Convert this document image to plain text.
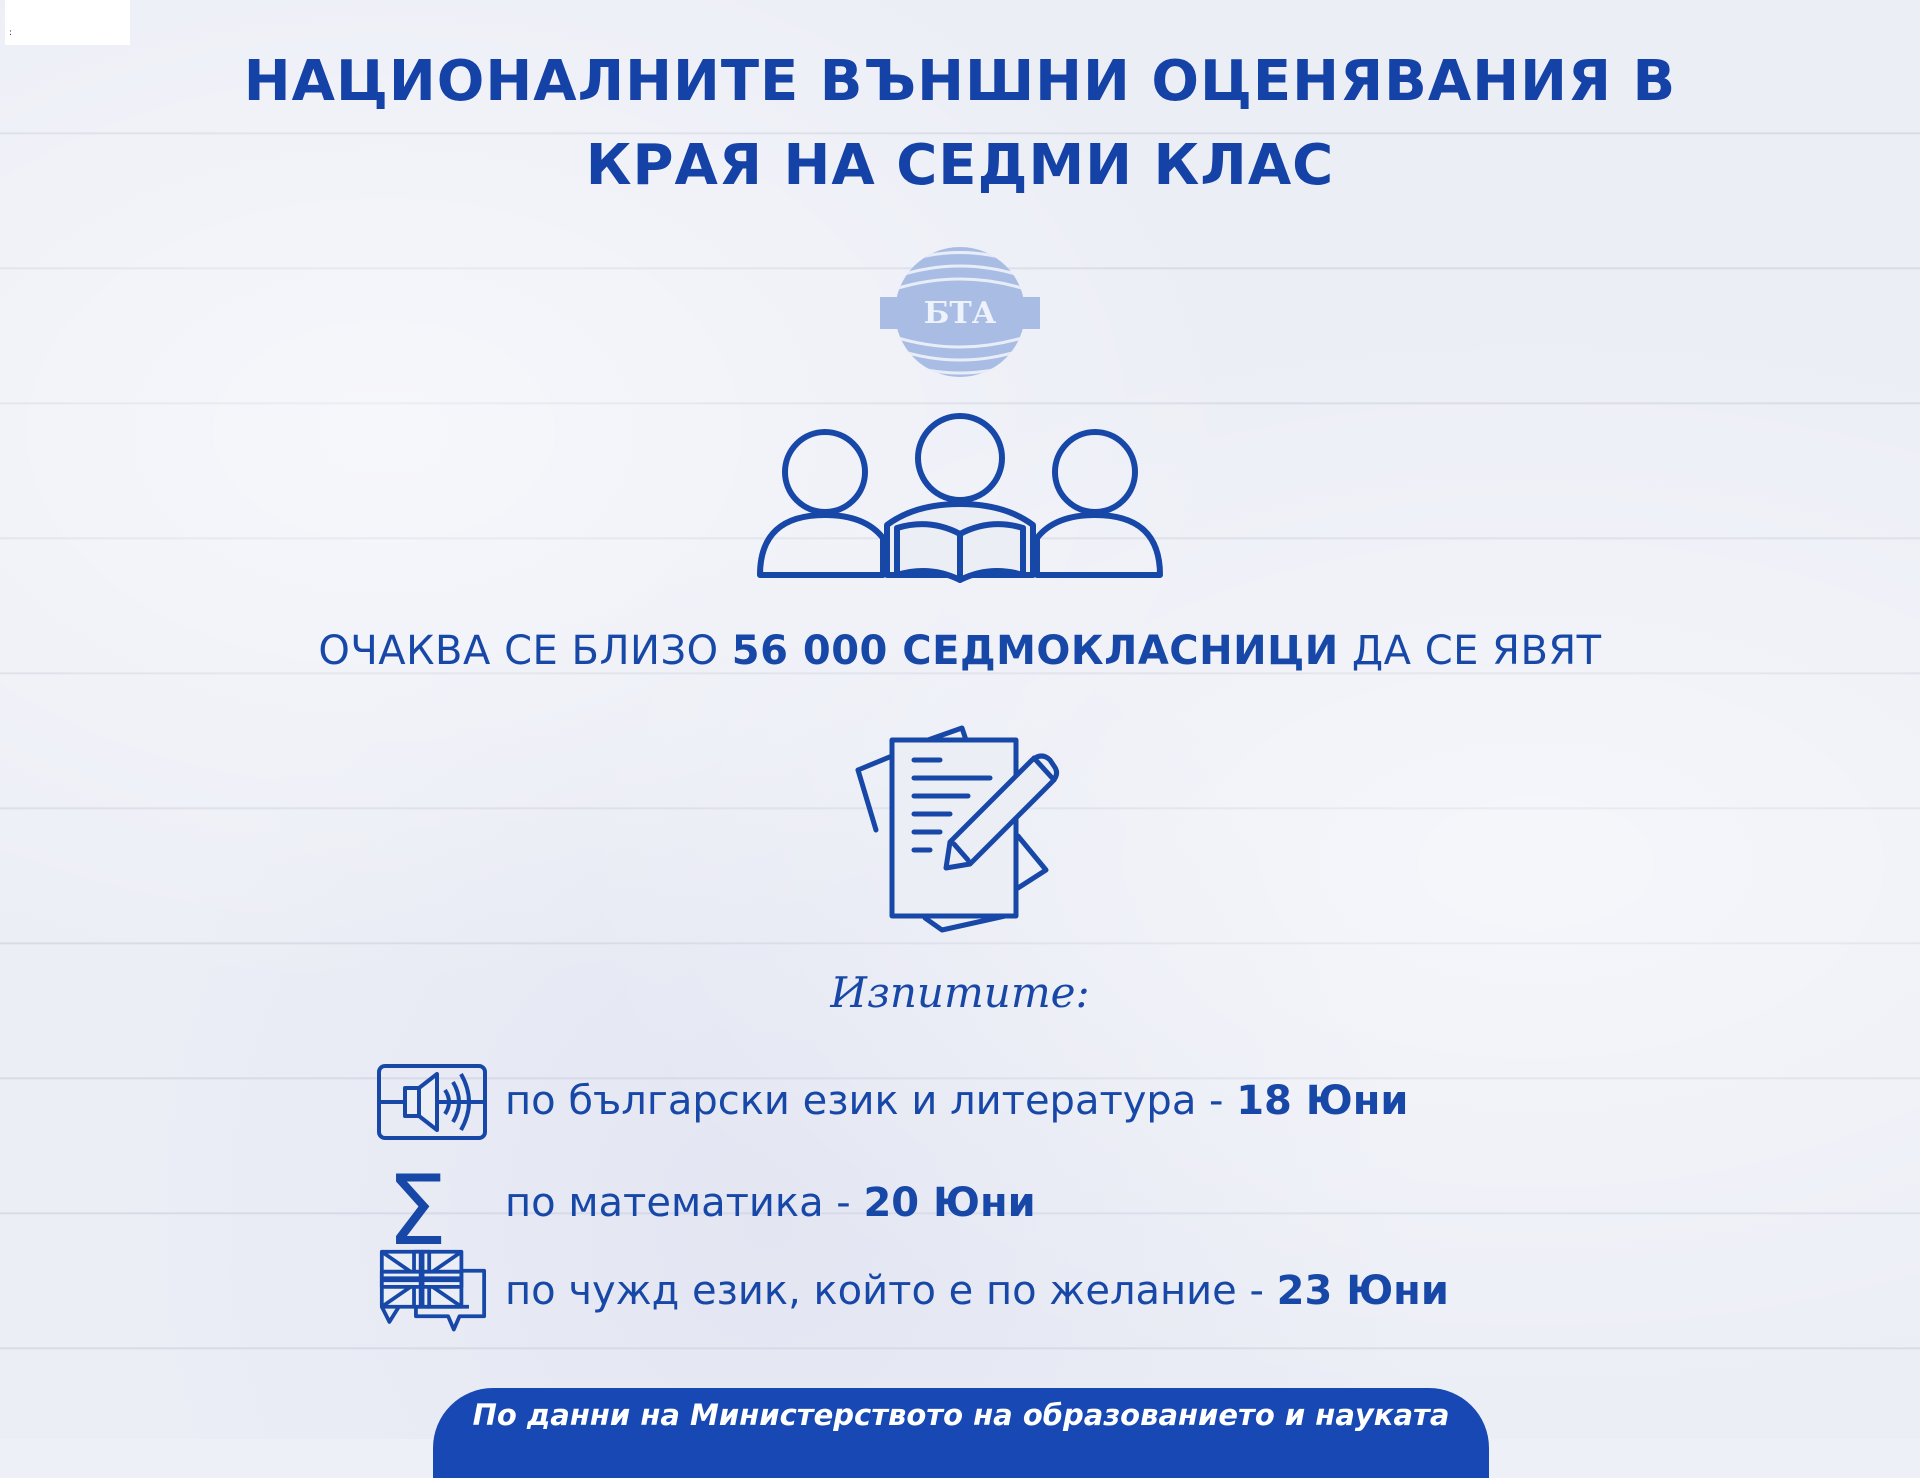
:
НАЦИОНАЛНИТЕ ВЪНШНИ ОЦЕНЯВАНИЯ В
КРАЯ НА СЕДМИ КЛАС
БТА
ОЧАКВА СЕ БЛИЗО 56 000 СЕДМОКЛАСНИЦИ ДА СЕ ЯВЯТ
Изпитите:
по български език и литература - 18 Юни
Σ по математика - 20 Юни
по чужд език, който е по желание - 23 Юни
По данни на Министерството на образованието и науката
